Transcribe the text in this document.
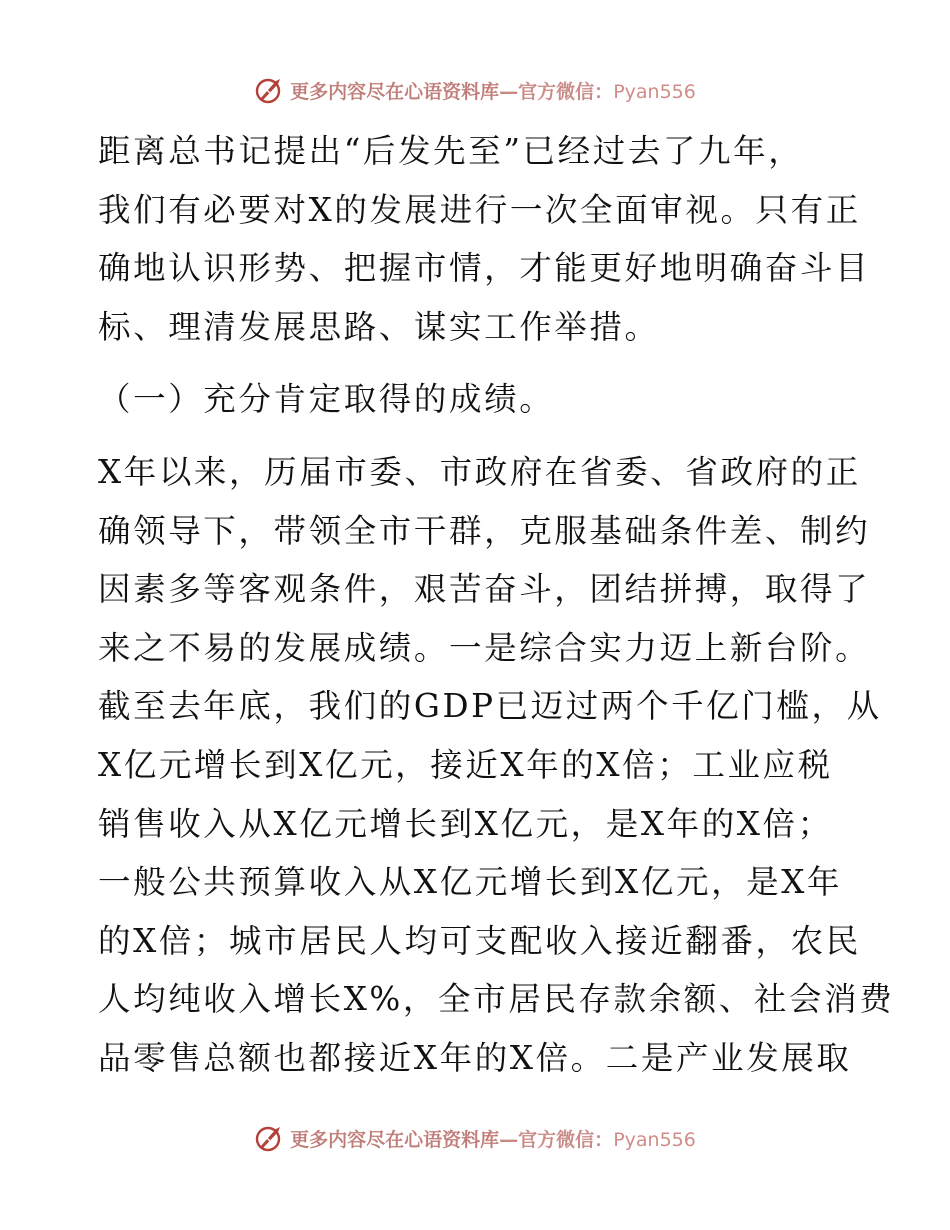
更多内容尽在心语资料库—官方微信：Pyan556
距离总书记提出“后发先至”已经过去了九年，
我们有必要对X的发展进行一次全面审视。只有正
确地认识形势、把握市情，才能更好地明确奋斗目
标、理清发展思路、谋实工作举措。
（一）充分肯定取得的成绩。
X年以来，历届市委、市政府在省委、省政府的正
确领导下，带领全市干群，克服基础条件差、制约
因素多等客观条件，艰苦奋斗，团结拼搏，取得了
来之不易的发展成绩。一是综合实力迈上新台阶。
截至去年底，我们的GDP已迈过两个千亿门槛，从
X亿元增长到X亿元，接近X年的X倍；工业应税
销售收入从X亿元增长到X亿元，是X年的X倍；
一般公共预算收入从X亿元增长到X亿元，是X年
的X倍；城市居民人均可支配收入接近翻番，农民
人均纯收入增长X%，全市居民存款余额、社会消费
品零售总额也都接近X年的X倍。二是产业发展取
更多内容尽在心语资料库—官方微信：Pyan556
